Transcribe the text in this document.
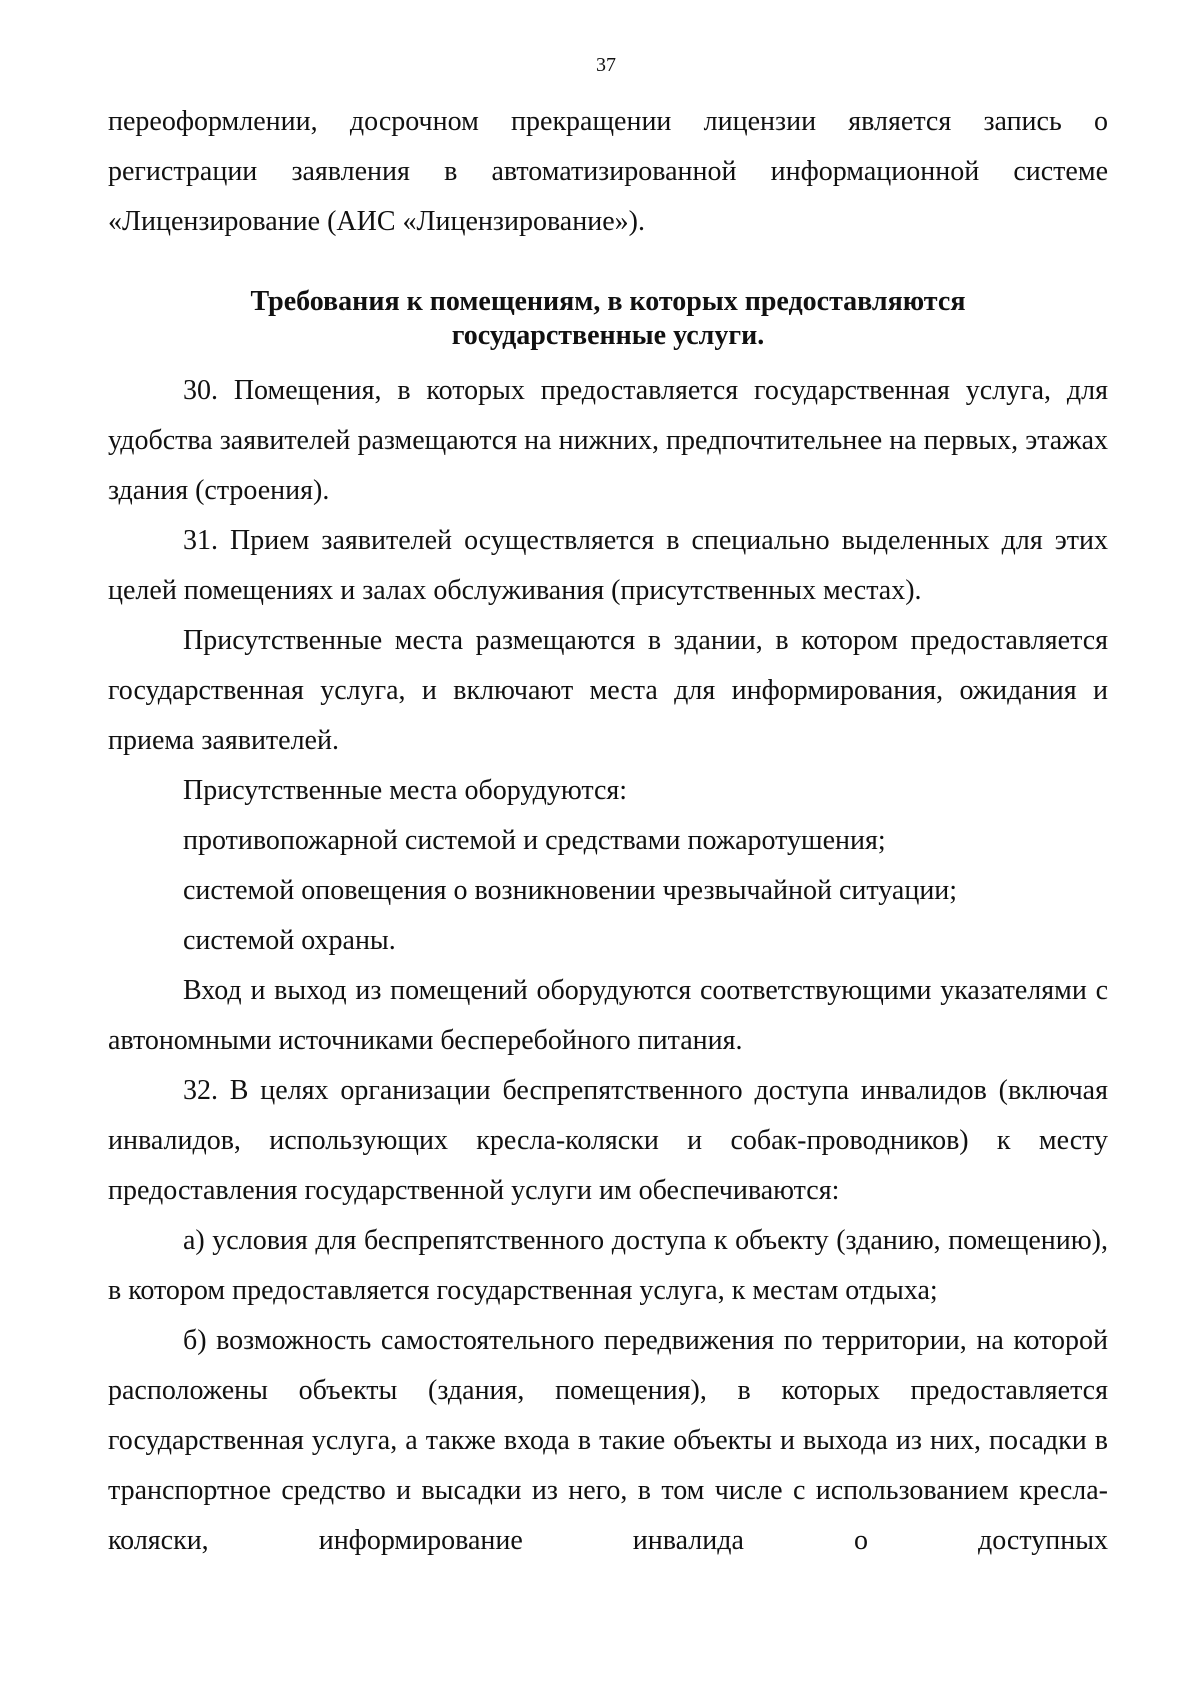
37

переоформлении, досрочном прекращении лицензии является запись о регистрации заявления в автоматизированной информационной системе «Лицензирование (АИС «Лицензирование»).

Требования к помещениям, в которых предоставляются
государственные услуги.

30. Помещения, в которых предоставляется государственная услуга, для удобства заявителей размещаются на нижних, предпочтительнее на первых, этажах здания (строения).

31. Прием заявителей осуществляется в специально выделенных для этих целей помещениях и залах обслуживания (присутственных местах).

Присутственные места размещаются в здании, в котором предоставляется государственная услуга, и включают места для информирования, ожидания и приема заявителей.

Присутственные места оборудуются:

противопожарной системой и средствами пожаротушения;

системой оповещения о возникновении чрезвычайной ситуации;

системой охраны.

Вход и выход из помещений оборудуются соответствующими указателями с автономными источниками бесперебойного питания.

32. В целях организации беспрепятственного доступа инвалидов (включая инвалидов, использующих кресла-коляски и собак-проводников) к месту предоставления государственной услуги им обеспечиваются:

а) условия для беспрепятственного доступа к объекту (зданию, помещению), в котором предоставляется государственная услуга, к местам отдыха;

б) возможность самостоятельного передвижения по территории, на которой расположены объекты (здания, помещения), в которых предоставляется государственная услуга, а также входа в такие объекты и выхода из них, посадки в транспортное средство и высадки из него, в том числе с использованием кресла-коляски, информирование инвалида о доступных
